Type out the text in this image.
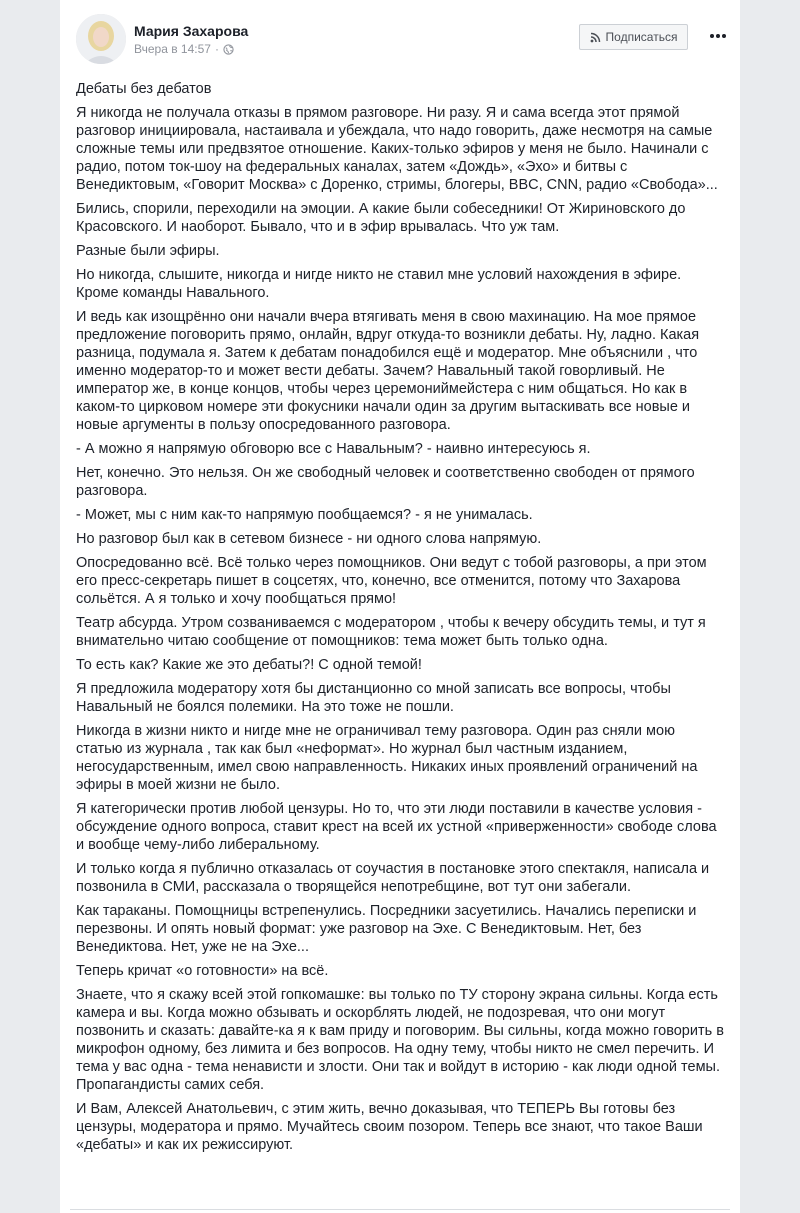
Мария Захарова
Вчера в 14:57 ·
Подписаться

Дебаты без дебатов

Я никогда не получала отказы в прямом разговоре. Ни разу. Я и сама всегда этот прямой разговор инициировала, настаивала и убеждала, что надо говорить, даже несмотря на самые сложные темы или предвзятое отношение. Каких-только эфиров у меня не было. Начинали с радио, потом ток-шоу на федеральных каналах, затем «Дождь», «Эхо» и битвы с Венедиктовым, «Говорит Москва» с Доренко, стримы, блогеры, BBC, CNN, радио «Свобода»...

Бились, спорили, переходили на эмоции. А какие были собеседники! От Жириновского до Красовского. И наоборот. Бывало, что и в эфир врывалась. Что уж там.

Разные были эфиры.

Но никогда, слышите, никогда и нигде никто не ставил мне условий нахождения в эфире. Кроме команды Навального.

И ведь как изощрённо они начали вчера втягивать меня в свою махинацию. На мое прямое предложение поговорить прямо, онлайн, вдруг откуда-то возникли дебаты. Ну, ладно. Какая разница, подумала я. Затем к дебатам понадобился ещё и модератор. Мне объяснили , что именно модератор-то и может вести дебаты. Зачем? Навальный такой говорливый. Не император же, в конце концов, чтобы через церемониймейстера с ним общаться. Но как в каком-то цирковом номере эти фокусники начали один за другим вытаскивать все новые и новые аргументы в пользу опосредованного разговора.

- А можно я напрямую обговорю все с Навальным? - наивно интересуюсь я.

Нет, конечно. Это нельзя. Он же свободный человек и соответственно свободен от прямого разговора.

- Может, мы с ним как-то напрямую пообщаемся? - я не унималась.

Но разговор был как в сетевом бизнесе - ни одного слова напрямую.

Опосредованно всё. Всё только через помощников. Они ведут с тобой разговоры, а при этом его пресс-секретарь пишет в соцсетях, что, конечно, все отменится, потому что Захарова сольётся. А я только и хочу пообщаться прямо!

Театр абсурда. Утром созваниваемся с модератором , чтобы к вечеру обсудить темы, и тут я внимательно читаю сообщение от помощников: тема может быть только одна.

То есть как? Какие же это дебаты?! С одной темой!

Я предложила модератору хотя бы дистанционно со мной записать все вопросы, чтобы Навальный не боялся полемики. На это тоже не пошли.

Никогда в жизни никто и нигде мне не ограничивал тему разговора. Один раз сняли мою статью из журнала , так как был «неформат». Но журнал был частным изданием, негосударственным, имел свою направленность. Никаких иных проявлений ограничений на эфиры в моей жизни не было.

Я категорически против любой цензуры. Но то, что эти люди поставили в качестве условия - обсуждение одного вопроса, ставит крест на всей их устной «приверженности» свободе слова и вообще чему-либо либеральному.

И только когда я публично отказалась от соучастия в постановке этого спектакля, написала и позвонила в СМИ, рассказала о творящейся непотребщине, вот тут они забегали.

Как тараканы. Помощницы встрепенулись. Посредники засуетились. Начались переписки и перезвоны. И опять новый формат: уже разговор на Эхе. С Венедиктовым. Нет, без Венедиктова. Нет, уже не на Эхе...

Теперь кричат «о готовности» на всё.

Знаете, что я скажу всей этой гопкомашке: вы только по ТУ сторону экрана сильны. Когда есть камера и вы. Когда можно обзывать и оскорблять людей, не подозревая, что они могут позвонить и сказать: давайте-ка я к вам приду и поговорим. Вы сильны, когда можно говорить в микрофон одному, без лимита и без вопросов. На одну тему, чтобы никто не смел перечить. И тема у вас одна - тема ненависти и злости. Они так и войдут в историю - как люди одной темы. Пропагандисты самих себя.

И Вам, Алексей Анатольевич, с этим жить, вечно доказывая, что ТЕПЕРЬ Вы готовы без цензуры, модератора и прямо. Мучайтесь своим позором. Теперь все знают, что такое Ваши «дебаты» и как их режиссируют.
